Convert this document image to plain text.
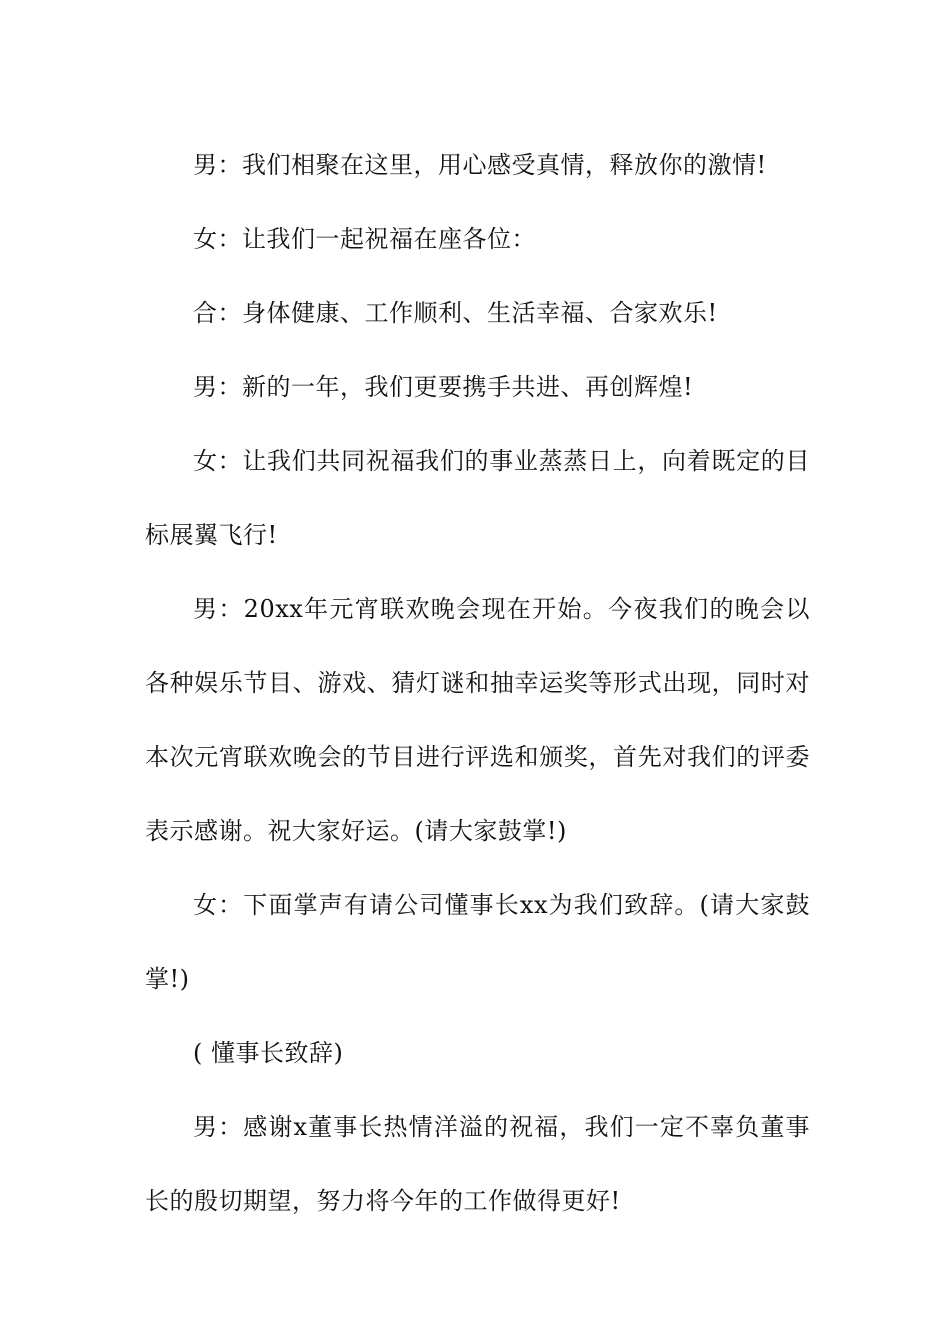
男：我们相聚在这里，用心感受真情，释放你的激情!

女：让我们一起祝福在座各位：

合：身体健康、工作顺利、生活幸福、合家欢乐!

男：新的一年，我们更要携手共进、再创辉煌!

女：让我们共同祝福我们的事业蒸蒸日上，向着既定的目标展翼飞行!

男：20xx年元宵联欢晚会现在开始。今夜我们的晚会以各种娱乐节目、游戏、猜灯谜和抽幸运奖等形式出现，同时对本次元宵联欢晚会的节目进行评选和颁奖，首先对我们的评委表示感谢。祝大家好运。(请大家鼓掌!)

女：下面掌声有请公司懂事长xx为我们致辞。(请大家鼓掌!)

( 懂事长致辞)

男：感谢x董事长热情洋溢的祝福，我们一定不辜负董事长的殷切期望，努力将今年的工作做得更好!
